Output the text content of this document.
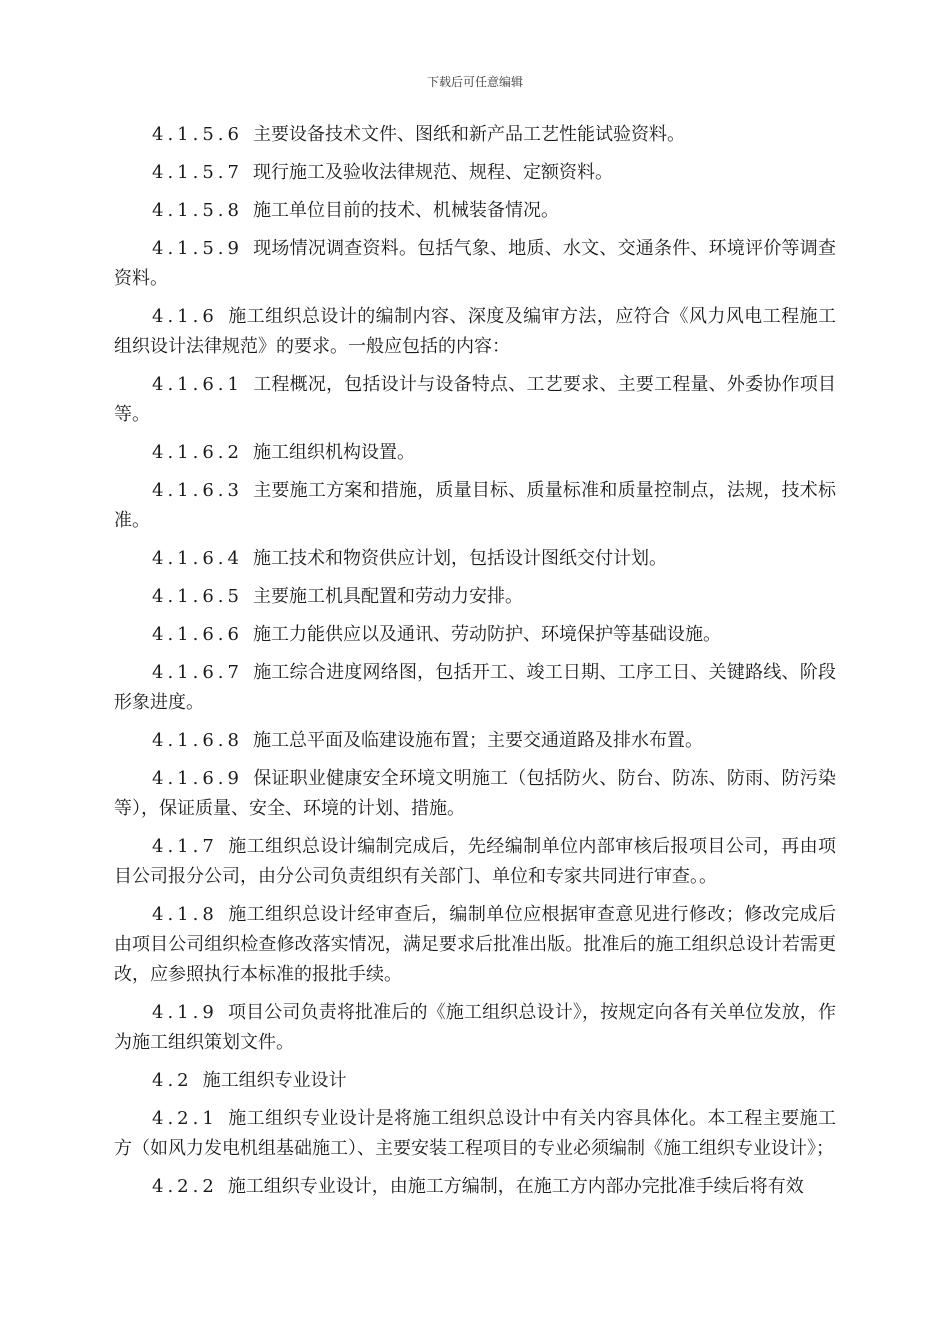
下载后可任意编辑

4.1.5.6 主要设备技术文件、图纸和新产品工艺性能试验资料。

4.1.5.7 现行施工及验收法律规范、规程、定额资料。

4.1.5.8 施工单位目前的技术、机械装备情况。

4.1.5.9 现场情况调查资料。包括气象、地质、水文、交通条件、环境评价等调查资料。

4.1.6 施工组织总设计的编制内容、深度及编审方法，应符合《风力风电工程施工组织设计法律规范》的要求。一般应包括的内容：

4.1.6.1 工程概况，包括设计与设备特点、工艺要求、主要工程量、外委协作项目等。

4.1.6.2 施工组织机构设置。

4.1.6.3 主要施工方案和措施，质量目标、质量标准和质量控制点，法规，技术标准。

4.1.6.4 施工技术和物资供应计划，包括设计图纸交付计划。

4.1.6.5 主要施工机具配置和劳动力安排。

4.1.6.6 施工力能供应以及通讯、劳动防护、环境保护等基础设施。

4.1.6.7 施工综合进度网络图，包括开工、竣工日期、工序工日、关键路线、阶段形象进度。

4.1.6.8 施工总平面及临建设施布置；主要交通道路及排水布置。

4.1.6.9 保证职业健康安全环境文明施工（包括防火、防台、防冻、防雨、防污染等），保证质量、安全、环境的计划、措施。

4.1.7 施工组织总设计编制完成后，先经编制单位内部审核后报项目公司，再由项目公司报分公司，由分公司负责组织有关部门、单位和专家共同进行审查。。

4.1.8 施工组织总设计经审查后，编制单位应根据审查意见进行修改；修改完成后由项目公司组织检查修改落实情况，满足要求后批准出版。批准后的施工组织总设计若需更改，应参照执行本标准的报批手续。

4.1.9 项目公司负责将批准后的《施工组织总设计》，按规定向各有关单位发放，作为施工组织策划文件。

4.2 施工组织专业设计

4.2.1 施工组织专业设计是将施工组织总设计中有关内容具体化。本工程主要施工方（如风力发电机组基础施工）、主要安装工程项目的专业必须编制《施工组织专业设计》；

4.2.2 施工组织专业设计，由施工方编制，在施工方内部办完批准手续后将有效
